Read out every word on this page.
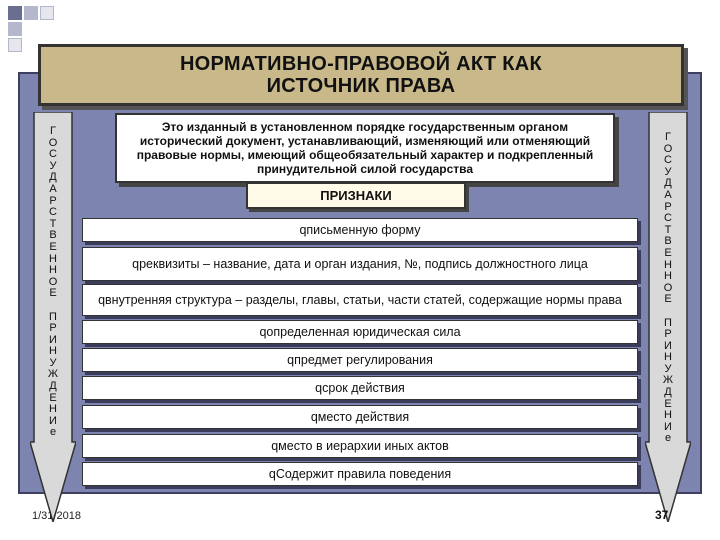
Г
О
С
У
Д
А
Р
С
Т
В
Е
Н
Н
О
Е

П
Р
И
Н
У
Ж
Д
Е
Н
И
е
Г
О
С
У
Д
А
Р
С
Т
В
Е
Н
Н
О
Е

П
Р
И
Н
У
Ж
Д
Е
Н
И
е
НОРМАТИВНО-ПРАВОВОЙ АКТ КАК
ИСТОЧНИК ПРАВА
Это изданный в установленном порядке государственным органом исторический документ, устанавливающий, изменяющий или отменяющий правовые нормы, имеющий общеобязательный характер и подкрепленный принудительной силой государства
ПРИЗНАКИ
qписьменную форму
qреквизиты – название, дата и орган издания, №, подпись должностного лица
qвнутренняя структура – разделы, главы, статьи, части статей, содержащие нормы права
qопределенная юридическая сила
qпредмет регулирования
qсрок действия
qместо действия
qместо в иерархии иных актов
qСодержит правила поведения
1/31/2018	37
